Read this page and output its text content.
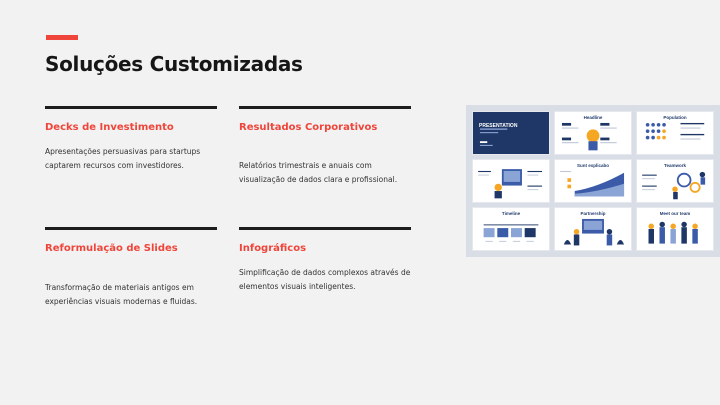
Soluções Customizadas
Decks de Investimento

Apresentações persuasivas para startups captarem recursos com investidores.

Resultados Corporativos

Relatórios trimestrais e anuais com visualização de dados clara e profissional.

Reformulação de Slides

Transformação de materiais antigos em experiências visuais modernas e fluidas.

Infográficos

Simplificação de dados complexos através de elementos visuais inteligentes.

PRESENTATION
Headline	Population
Sunt explicabo	Teamwork
Timeline	Partnership	Meet our team
